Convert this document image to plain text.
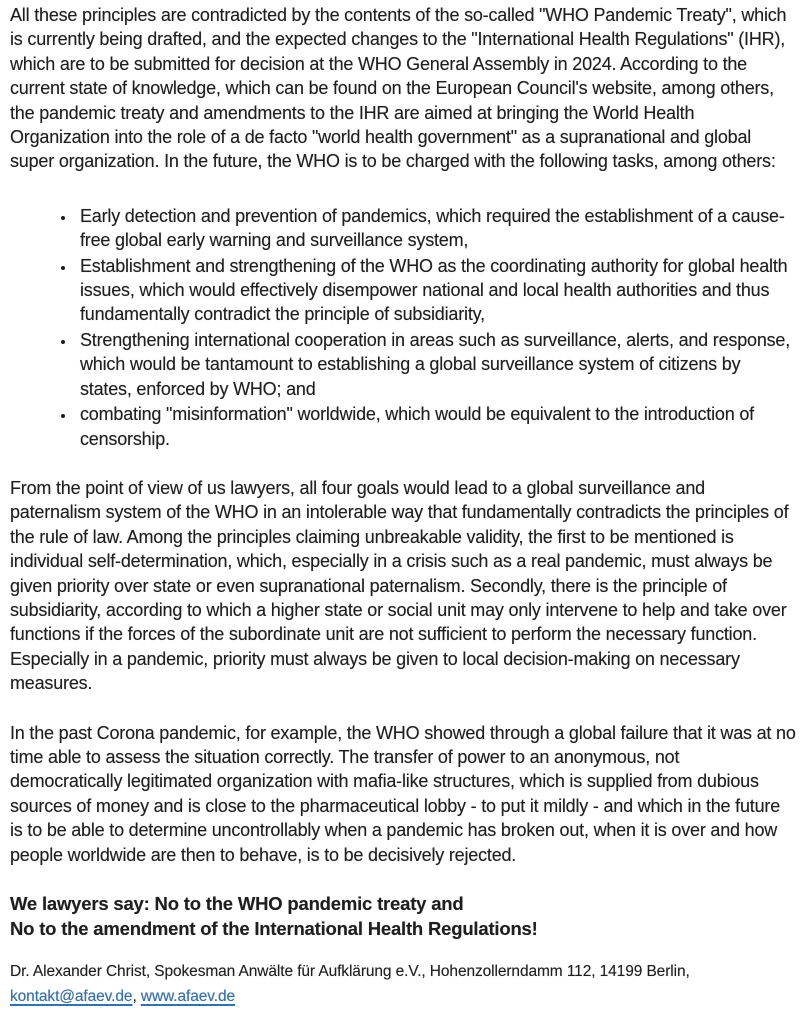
All these principles are contradicted by the contents of the so-called "WHO Pandemic Treaty", which is currently being drafted, and the expected changes to the "International Health Regulations" (IHR), which are to be submitted for decision at the WHO General Assembly in 2024. According to the current state of knowledge, which can be found on the European Council's website, among others, the pandemic treaty and amendments to the IHR are aimed at bringing the World Health Organization into the role of a de facto "world health government" as a supranational and global super organization. In the future, the WHO is to be charged with the following tasks, among others:

• Early detection and prevention of pandemics, which required the establishment of a cause-free global early warning and surveillance system,
• Establishment and strengthening of the WHO as the coordinating authority for global health issues, which would effectively disempower national and local health authorities and thus fundamentally contradict the principle of subsidiarity,
• Strengthening international cooperation in areas such as surveillance, alerts, and response, which would be tantamount to establishing a global surveillance system of citizens by states, enforced by WHO; and
• combating "misinformation" worldwide, which would be equivalent to the introduction of censorship.

From the point of view of us lawyers, all four goals would lead to a global surveillance and paternalism system of the WHO in an intolerable way that fundamentally contradicts the principles of the rule of law. Among the principles claiming unbreakable validity, the first to be mentioned is individual self-determination, which, especially in a crisis such as a real pandemic, must always be given priority over state or even supranational paternalism. Secondly, there is the principle of subsidiarity, according to which a higher state or social unit may only intervene to help and take over functions if the forces of the subordinate unit are not sufficient to perform the necessary function. Especially in a pandemic, priority must always be given to local decision-making on necessary measures.

In the past Corona pandemic, for example, the WHO showed through a global failure that it was at no time able to assess the situation correctly. The transfer of power to an anonymous, not democratically legitimated organization with mafia-like structures, which is supplied from dubious sources of money and is close to the pharmaceutical lobby - to put it mildly - and which in the future is to be able to determine uncontrollably when a pandemic has broken out, when it is over and how people worldwide are then to behave, is to be decisively rejected.

We lawyers say: No to the WHO pandemic treaty and
No to the amendment of the International Health Regulations!
Dr. Alexander Christ, Spokesman Anwälte für Aufklärung e.V., Hohenzollerndamm 112, 14199 Berlin,
kontakt@afaev.de, www.afaev.de
